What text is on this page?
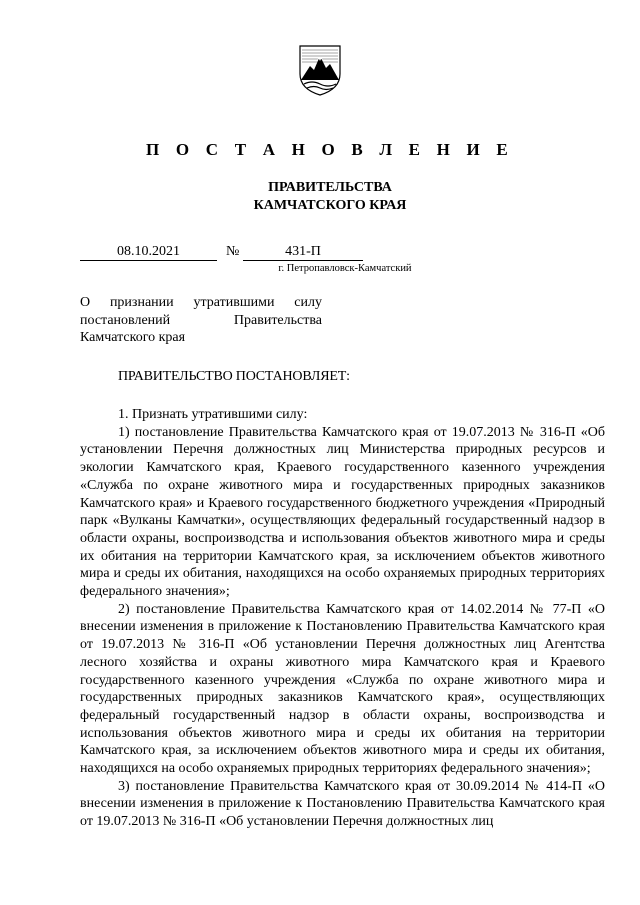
П О С Т А Н О В Л Е Н И Е
ПРАВИТЕЛЬСТВА
КАМЧАТСКОГО КРАЯ
08.10.2021	№	431-П
г. Петропавловск-Камчатский
О признании утратившими силу
постановлений Правительства
Камчатского края
ПРАВИТЕЛЬСТВО ПОСТАНОВЛЯЕТ:

1. Признать утратившими силу:

1) постановление Правительства Камчатского края от 19.07.2013 № 316-П «Об установлении Перечня должностных лиц Министерства природных ресурсов и экологии Камчатского края, Краевого государственного казенного учреждения «Служба по охране животного мира и государственных природных заказников Камчатского края» и Краевого государственного бюджетного учреждения «Природный парк «Вулканы Камчатки», осуществляющих федеральный государственный надзор в области охраны, воспроизводства и использования объектов животного мира и среды их обитания на территории Камчатского края, за исключением объектов животного мира и среды их обитания, находящихся на особо охраняемых природных территориях федерального значения»;

2) постановление Правительства Камчатского края от 14.02.2014 № 77-П «О внесении изменения в приложение к Постановлению Правительства Камчатского края от 19.07.2013 № 316-П «Об установлении Перечня должностных лиц Агентства лесного хозяйства и охраны животного мира Камчатского края и Краевого государственного казенного учреждения «Служба по охране животного мира и государственных природных заказников Камчатского края», осуществляющих федеральный государственный надзор в области охраны, воспроизводства и использования объектов животного мира и среды их обитания на территории Камчатского края, за исключением объектов животного мира и среды их обитания, находящихся на особо охраняемых природных территориях федерального значения»;

3) постановление Правительства Камчатского края от 30.09.2014 № 414-П «О внесении изменения в приложение к Постановлению Правительства Камчатского края от 19.07.2013 № 316-П «Об установлении Перечня должностных лиц
